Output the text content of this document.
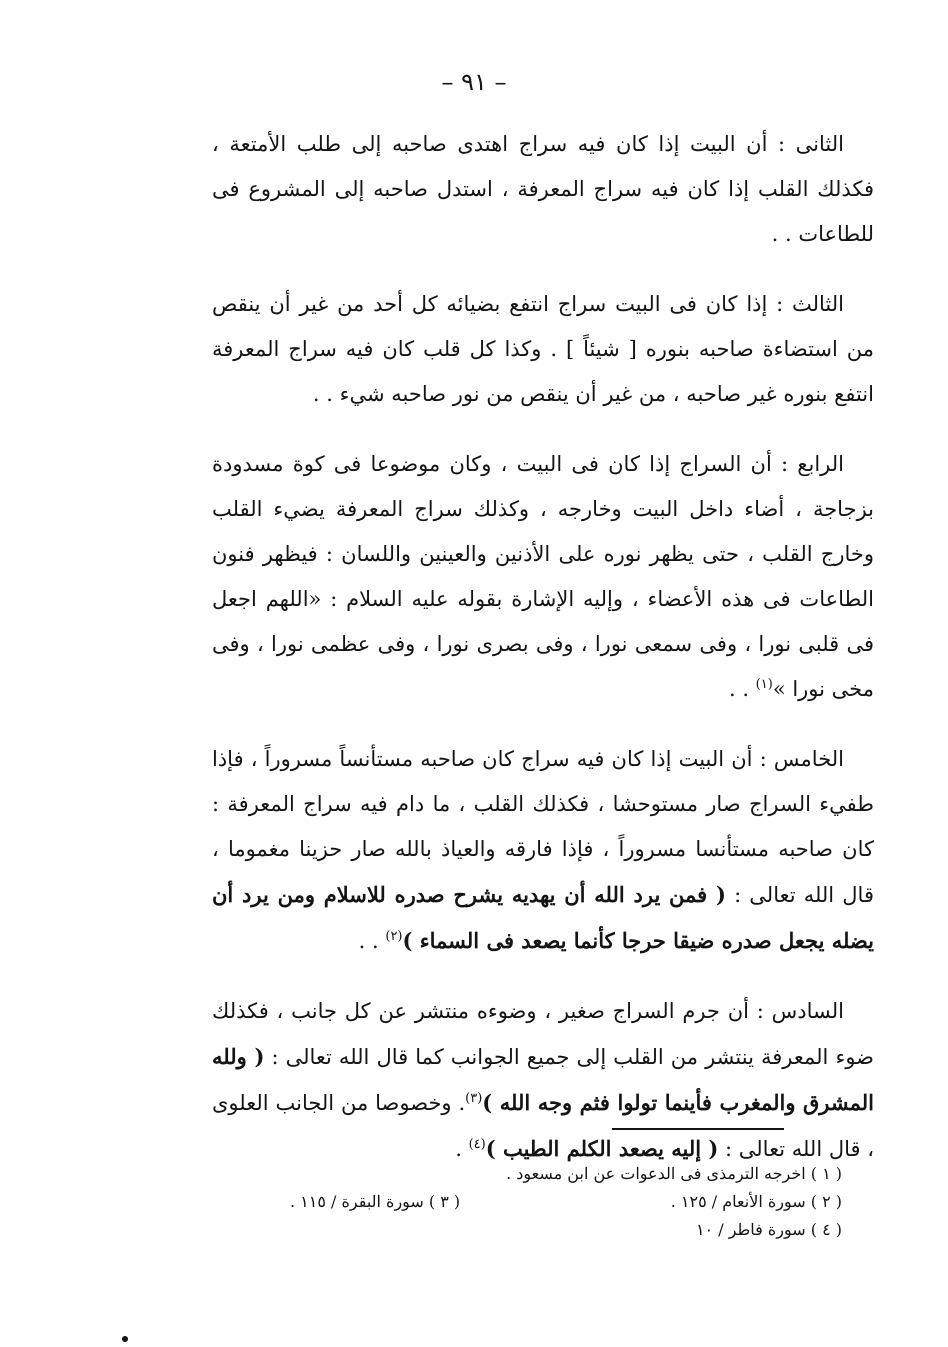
– ٩١ –

الثانى : أن البيت إذا كان فيه سراج اهتدى صاحبه إلى طلب الأمتعة ، فكذلك القلب إذا كان فيه سراج المعرفة ، استدل صاحبه إلى المشروع فى للطاعات . .

الثالث : إذا كان فى البيت سراج انتفع بضيائه كل أحد من غير أن ينقص من استضاءة صاحبه بنوره [ شيئاً ] . وكذا كل قلب كان فيه سراج المعرفة انتفع بنوره غير صاحبه ، من غير أن ينقص من نور صاحبه شيء . .

الرابع : أن السراج إذا كان فى البيت ، وكان موضوعا فى كوة مسدودة بزجاجة ، أضاء داخل البيت وخارجه ، وكذلك سراج المعرفة يضيء القلب وخارج القلب ، حتى يظهر نوره على الأذنين والعينين واللسان : فيظهر فنون الطاعات فى هذه الأعضاء ، وإليه الإشارة بقوله عليه السلام : «اللهم اجعل فى قلبى نورا ، وفى سمعى نورا ، وفى بصرى نورا ، وفى عظمى نورا ، وفى مخى نورا »$^{(١)}$ . .

الخامس : أن البيت إذا كان فيه سراج كان صاحبه مستأنساً مسروراً ، فإذا طفيء السراج صار مستوحشا ، فكذلك القلب ، ما دام فيه سراج المعرفة : كان صاحبه مستأنسا مسروراً ، فإذا فارقه والعياذ بالله صار حزينا مغموما ، قال الله تعالى : ( فمن يرد الله أن يهديه يشرح صدره للاسلام ومن يرد أن يضله يجعل صدره ضيقا حرجا كأنما يصعد فى السماء )$^{(٢)}$ . .

السادس : أن جرم السراج صغير ، وضوءه منتشر عن كل جانب ، فكذلك ضوء المعرفة ينتشر من القلب إلى جميع الجوانب كما قال الله تعالى : ( ولله المشرق والمغرب فأينما تولوا فثم وجه الله )$^{(٣)}$. وخصوصا من الجانب العلوى ، قال الله تعالى : ( إليه يصعد الكلم الطيب )$^{(٤)}$ .

( ١ ) اخرجه الترمذى فى الدعوات عن ابن مسعود .
( ٢ ) سورة الأنعام / ١٢٥ .
( ٣ ) سورة البقرة / ١١٥ .
( ٤ ) سورة فاطر / ١٠
